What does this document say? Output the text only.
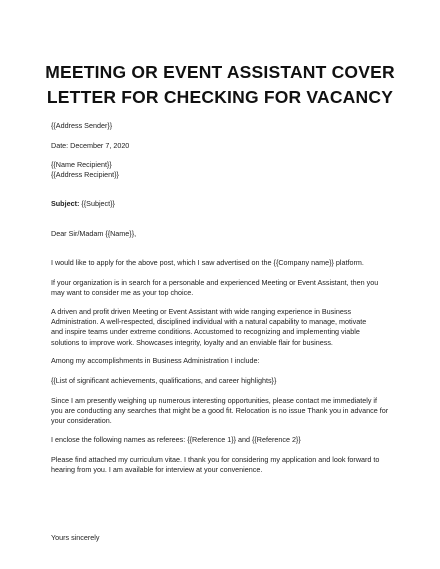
MEETING OR EVENT ASSISTANT COVER
LETTER FOR CHECKING FOR VACANCY
{{Address Sender}}
Date: December 7, 2020
{{Name Recipient}}
{{Address Recipient}}
Subject: {{Subject}}
Dear Sir/Madam {{Name}},
I would like to apply for the above post, which I saw advertised on the {{Company name}} platform.
If your organization is in search for a personable and experienced Meeting or Event Assistant, then you
may want to consider me as your top choice.
A driven and profit driven Meeting or Event Assistant with wide ranging experience in Business
Administration. A well-respected, disciplined individual with a natural capability to manage, motivate
and inspire teams under extreme conditions. Accustomed to recognizing and implementing viable
solutions to improve work. Showcases integrity, loyalty and an enviable flair for business.
Among my accomplishments in Business Administration I include:
{{List of significant achievements, qualifications, and career highlights}}
Since I am presently weighing up numerous interesting opportunities, please contact me immediately if
you are conducting any searches that might be a good fit. Relocation is no issue Thank you in advance for
your consideration.
I enclose the following names as referees: {{Reference 1}} and {{Reference 2}}
Please find attached my curriculum vitae. I thank you for considering my application and look forward to
hearing from you. I am available for interview at your convenience.
Yours sincerely
